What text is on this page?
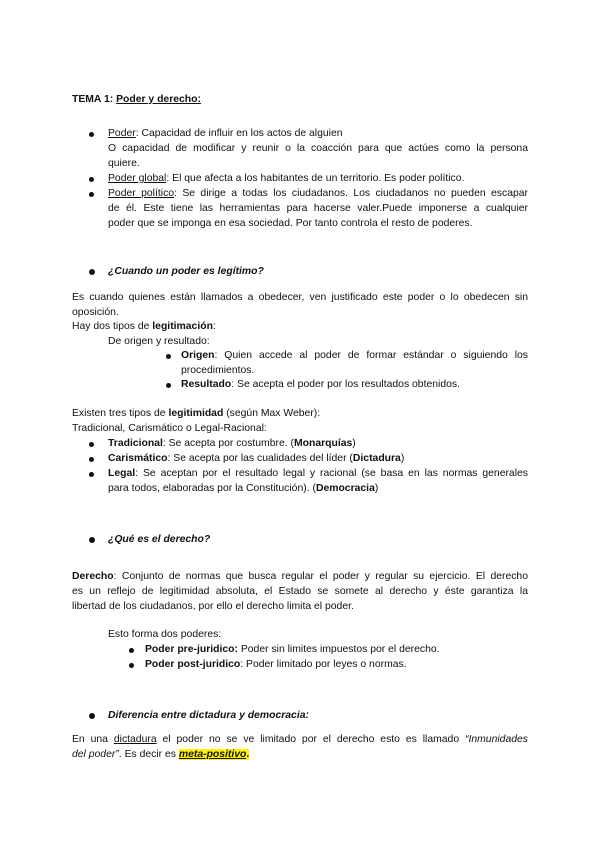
TEMA 1: Poder y derecho:
Poder: Capacidad de influir en los actos de alguien
O capacidad de modificar y reunir o la coacción para que actúes como la persona
quiere.
Poder global: El que afecta a los habitantes de un territorio. Es poder político.
Poder político: Se dirige a todas los ciudadanos. Los ciudadanos no pueden escapar
de él. Este tiene las herramientas para hacerse valer.Puede imponerse a cualquier
poder que se imponga en esa sociedad. Por tanto controla el resto de poderes.
¿Cuando un poder es legítimo?
Es cuando quienes están llamados a obedecer, ven justificado este poder o lo obedecen sin
oposición.
Hay dos tipos de legitimación:
De origen y resultado:
Origen: Quien accede al poder de formar estándar o siguiendo los
procedimientos.
Resultado: Se acepta el poder por los resultados obtenidos.
Existen tres tipos de legitimidad (según Max Weber):
Tradicional, Carismático o Legal-Racional:
Tradicional: Se acepta por costumbre. (Monarquías)
Carismático: Se acepta por las cualidades del líder (Dictadura)
Legal: Se aceptan por el resultado legal y racional (se basa en las normas generales
para todos, elaboradas por la Constitución). (Democracia)
¿Qué es el derecho?
Derecho: Conjunto de normas que busca regular el poder y regular su ejercicio. El derecho
es un reflejo de legitimidad absoluta, el Estado se somete al derecho y éste garantiza la
libertad de los ciudadanos, por ello el derecho limita el poder.
Esto forma dos poderes:
Poder pre-juridico: Poder sin limites impuestos por el derecho.
Poder post-juridico: Poder limitado por leyes o normas.
Diferencia entre dictadura y democracia:
En una dictadura el poder no se ve limitado por el derecho esto es llamado “Inmunidades
del poder”. Es decir es meta-positivo.
